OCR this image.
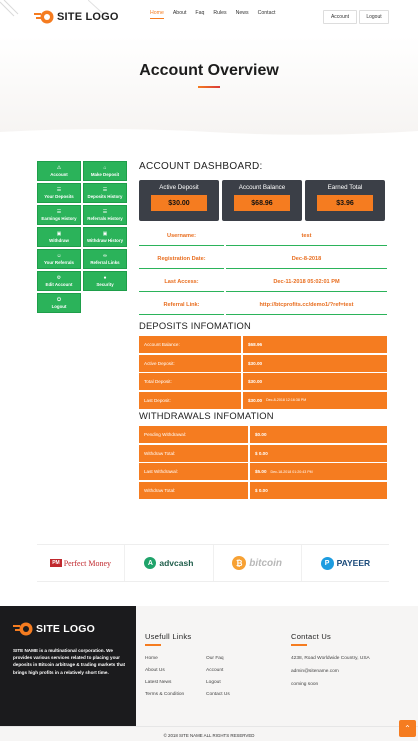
SITE LOGO	Home About Faq Rules News Contact
Account	Logout
Account Overview
⚠
Account
⌂
Make Deposit
☰
Your Deposits
☰
Deposits History
☰
Earnings History
☰
Referrals History
▣
Withdraw
▣
Withdraw History
☺
Your Referrals
∞
Referral Links
⚙
Edit Account
●
Security
⏻
Logout
ACCOUNT DASHBOARD:
Active Deposit
$30.00
Account Balance
$68.96
Earned Total
$3.96
Username:	test
Registration Date:	Dec-8-2018
Last Access:	Dec-11-2018 05:02:01 PM
Referral Link:	http://btcprofits.cc/demo1/?ref=test
DEPOSITS INFOMATION
Account Balance:	$68.96
Active Deposit:	$30.00
Total Deposit:	$30.00
Last Deposit:	$30.00 Dec-8-2018 12:16:38 PM
WITHDRAWALS INFOMATION
Pending Withdrawal:	$0.00
Withdraw Total:	$ 0.00
Last Withdrawal:	$5.00 Dec-18-2018 01:20:43 PM
Withdraw Total:	$ 0.00
PM Perfect Money	A advcash	₿ bitcoin	P PAYEER
SITE LOGO
SITE NAME is a multinational corporation. We provides various services related to placing your deposits in Bitcoin arbitrage & trading markets that brings high profits in a relatively short time.
Usefull Links
Home
About Us
Latest News
Terms & Condition
Our Faq
Account
Logout
Contact Us
Contact Us
4238, Road Worldwide Country, USA
admin@sitename.com
coming soon
© 2018 SITE NAME ALL RIGHTS RESERVED
⌃
